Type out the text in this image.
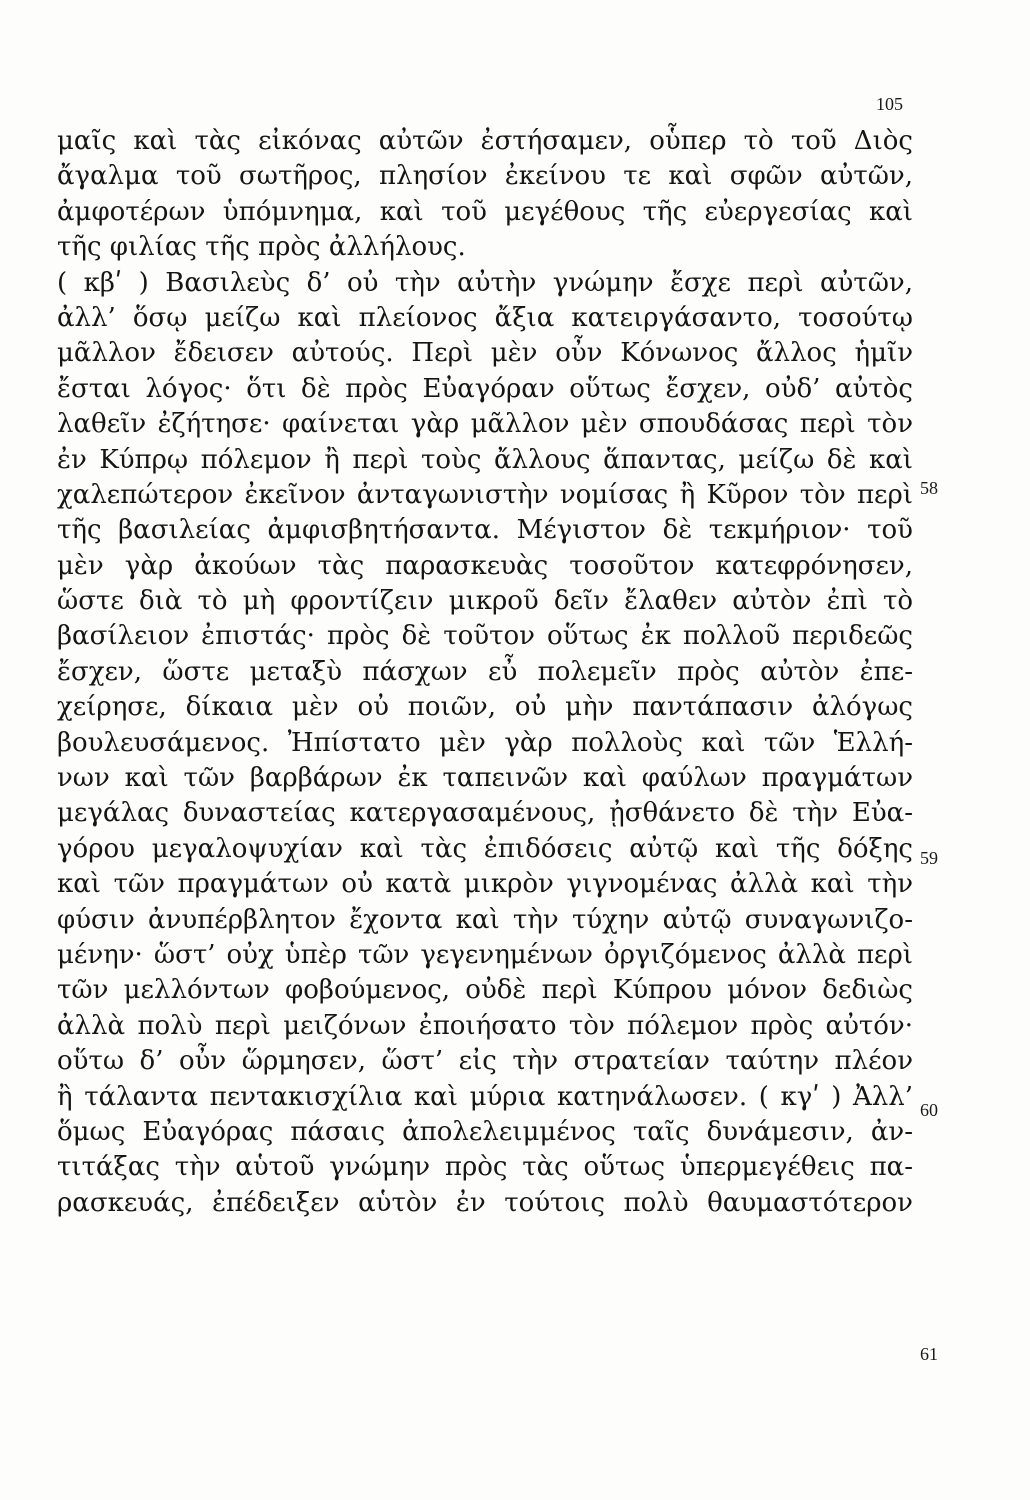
105
μαῖς καὶ τὰς εἰκόνας αὐτῶν ἐστήσαμεν, οὗπερ τὸ τοῦ Διὸς
ἄγαλμα τοῦ σωτῆρος, πλησίον ἐκείνου τε καὶ σφῶν αὐτῶν,
ἀμφοτέρων ὑπόμνημα, καὶ τοῦ μεγέθους τῆς εὐεργεσίας καὶ
τῆς φιλίας τῆς πρὸς ἀλλήλους.
( κβʹ ) Βασιλεὺς δ’ οὐ τὴν αὐτὴν γνώμην ἔσχε περὶ αὐτῶν,
ἀλλ’ ὅσῳ μείζω καὶ πλείονος ἄξια κατειργάσαντο, τοσούτῳ
μᾶλλον ἔδεισεν αὐτούς. Περὶ μὲν οὖν Κόνωνος ἄλλος ἡμῖν
ἔσται λόγος· ὅτι δὲ πρὸς Εὐαγόραν οὕτως ἔσχεν, οὐδ’ αὐτὸς
λαθεῖν ἐζήτησε· φαίνεται γὰρ μᾶλλον μὲν σπουδάσας περὶ τὸν
ἐν Κύπρῳ πόλεμον ἢ περὶ τοὺς ἄλλους ἅπαντας, μείζω δὲ καὶ
χαλεπώτερον ἐκεῖνον ἀνταγωνιστὴν νομίσας ἢ Κῦρον τὸν περὶ
τῆς βασιλείας ἀμφισβητήσαντα. Μέγιστον δὲ τεκμήριον· τοῦ
μὲν γὰρ ἀκούων τὰς παρασκευὰς τοσοῦτον κατεφρόνησεν,
ὥστε διὰ τὸ μὴ φροντίζειν μικροῦ δεῖν ἔλαθεν αὐτὸν ἐπὶ τὸ
βασίλειον ἐπιστάς· πρὸς δὲ τοῦτον οὕτως ἐκ πολλοῦ περιδεῶς
ἔσχεν, ὥστε μεταξὺ πάσχων εὖ πολεμεῖν πρὸς αὐτὸν ἐπε-
χείρησε, δίκαια μὲν οὐ ποιῶν, οὐ μὴν παντάπασιν ἀλόγως
βουλευσάμενος. Ἠπίστατο μὲν γὰρ πολλοὺς καὶ τῶν Ἑλλή-
νων καὶ τῶν βαρβάρων ἐκ ταπεινῶν καὶ φαύλων πραγμάτων
μεγάλας δυναστείας κατεργασαμένους, ᾐσθάνετο δὲ τὴν Εὐα-
γόρου μεγαλοψυχίαν καὶ τὰς ἐπιδόσεις αὐτῷ καὶ τῆς δόξης
καὶ τῶν πραγμάτων οὐ κατὰ μικρὸν γιγνομένας ἀλλὰ καὶ τὴν
φύσιν ἀνυπέρβλητον ἔχοντα καὶ τὴν τύχην αὐτῷ συναγωνιζο-
μένην· ὥστ’ οὐχ ὑπὲρ τῶν γεγενημένων ὀργιζόμενος ἀλλὰ περὶ
τῶν μελλόντων φοβούμενος, οὐδὲ περὶ Κύπρου μόνον δεδιὼς
ἀλλὰ πολὺ περὶ μειζόνων ἐποιήσατο τὸν πόλεμον πρὸς αὐτόν·
οὕτω δ’ οὖν ὥρμησεν, ὥστ’ εἰς τὴν στρατείαν ταύτην πλέον
ἢ τάλαντα πεντακισχίλια καὶ μύρια κατηνάλωσεν. ( κγʹ ) Ἀλλ’
ὅμως Εὐαγόρας πάσαις ἀπολελειμμένος ταῖς δυνάμεσιν, ἀν-
τιτάξας τὴν αὑτοῦ γνώμην πρὸς τὰς οὕτως ὑπερμεγέθεις πα-
ρασκευάς, ἐπέδειξεν αὑτὸν ἐν τούτοις πολὺ θαυμαστότερον
58
59
60
61
